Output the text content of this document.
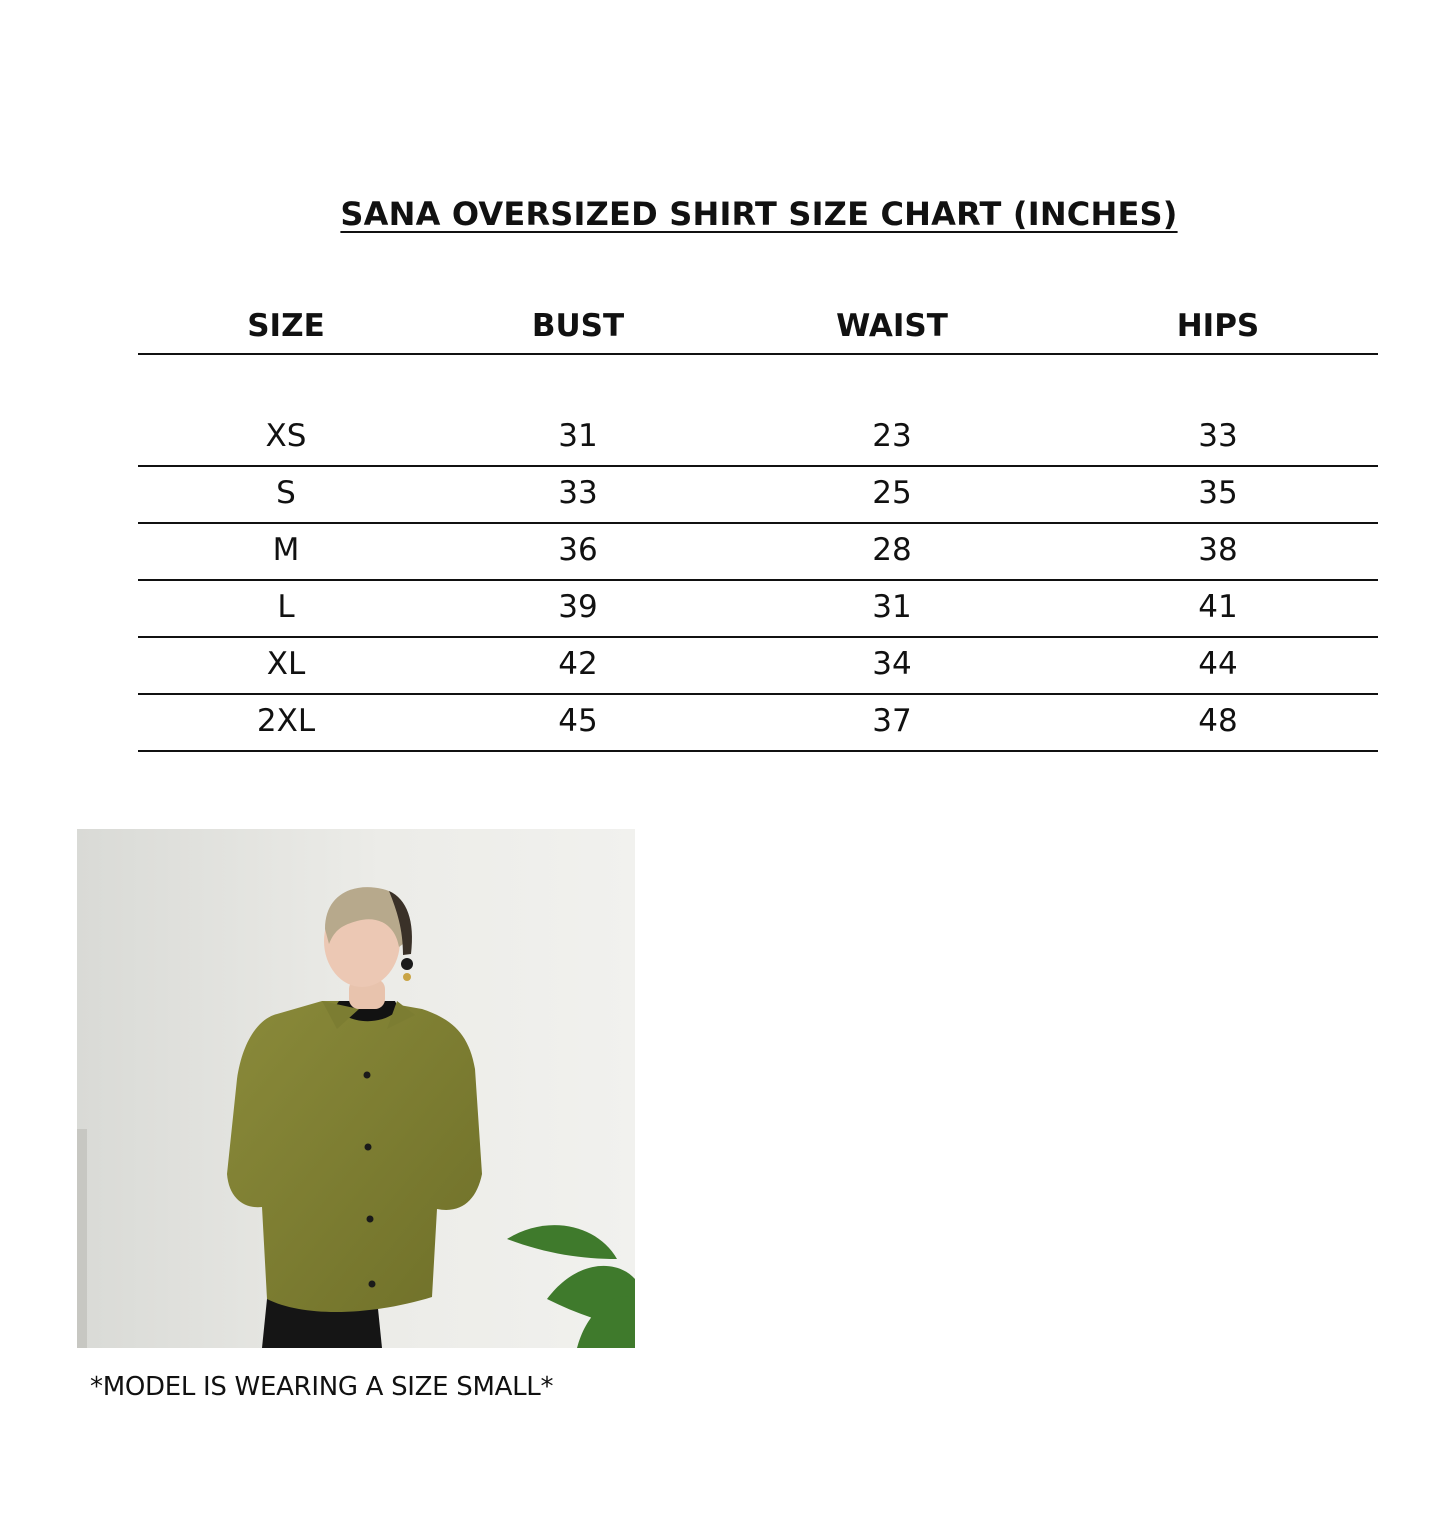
SANA OVERSIZED SHIRT SIZE CHART (INCHES)
SIZE	BUST	WAIST	HIPS
XS	31	23	33
S	33	25	35
M	36	28	38
L	39	31	41
XL	42	34	44
2XL	45	37	48
*MODEL IS WEARING A SIZE SMALL*
